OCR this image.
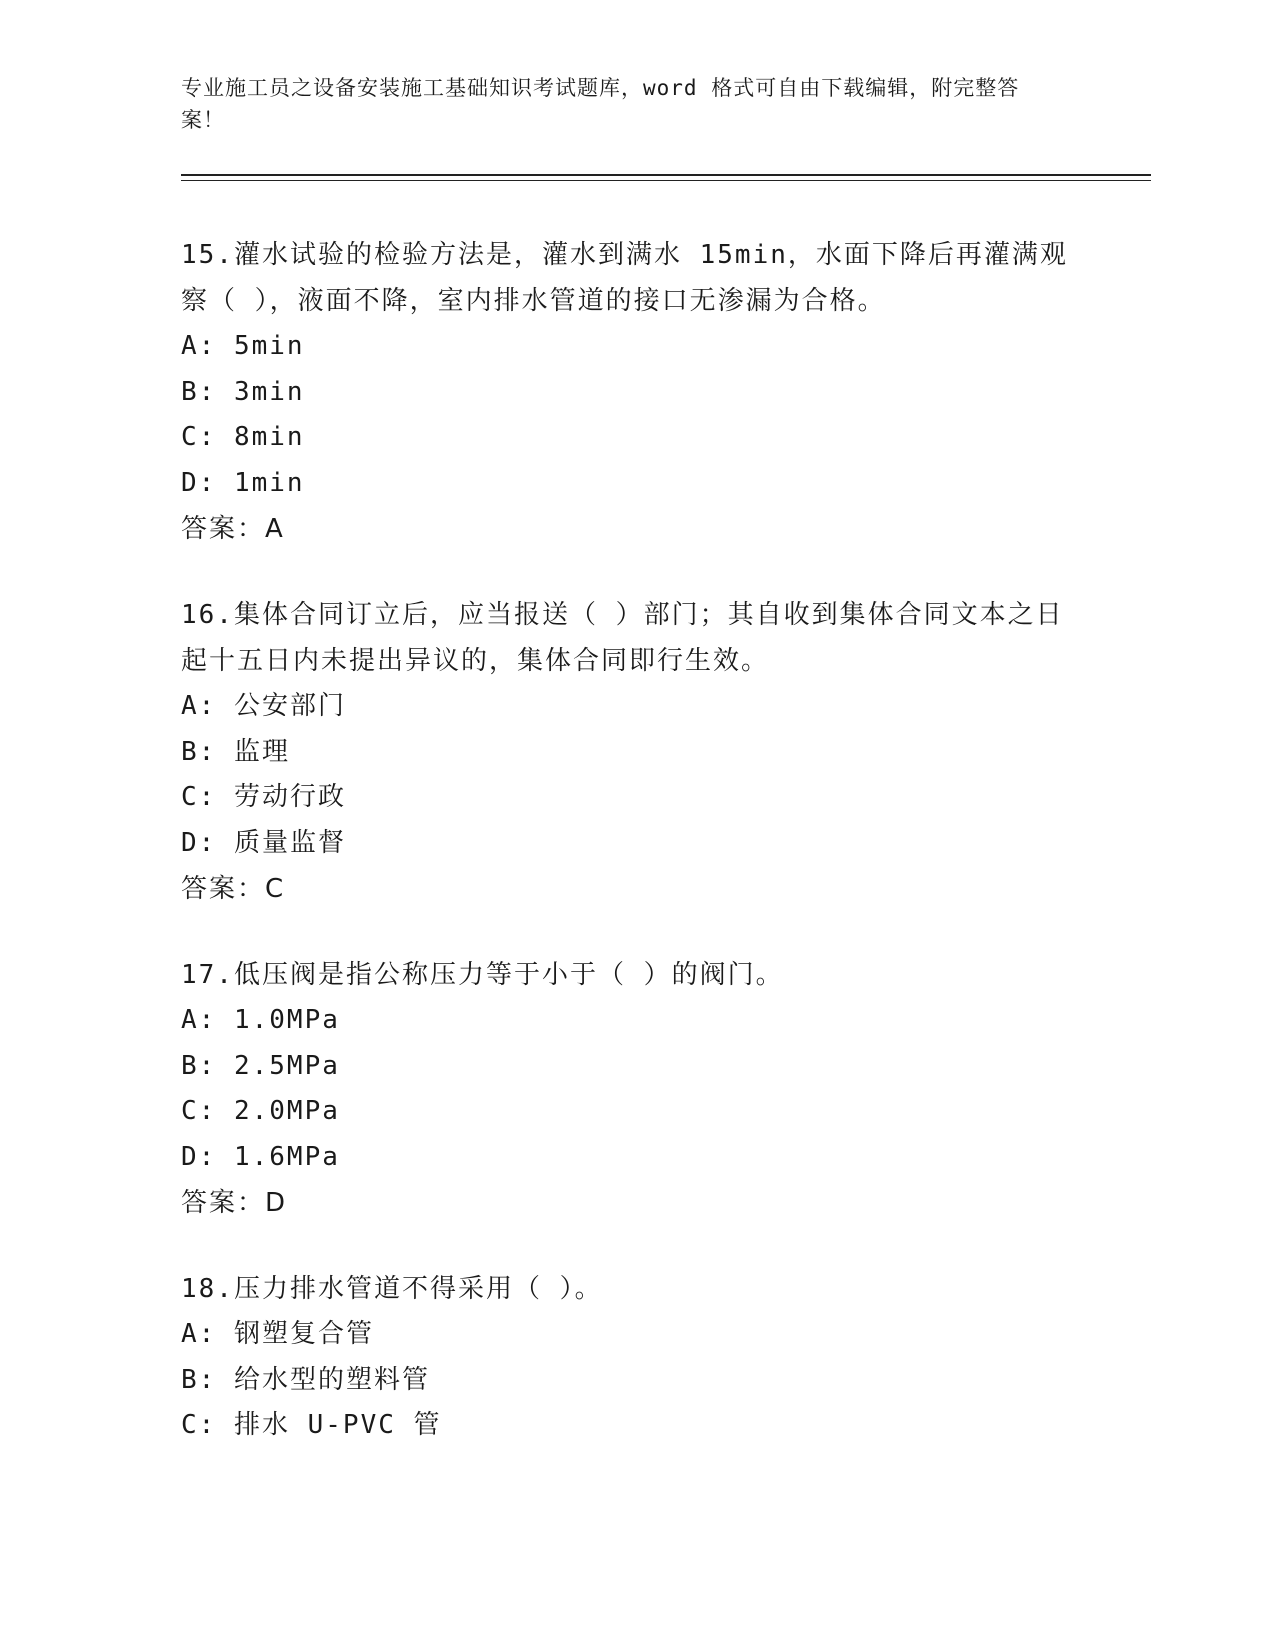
专业施工员之设备安装施工基础知识考试题库，word 格式可自由下载编辑，附完整答案！
15.灌水试验的检验方法是，灌水到满水 15min，水面下降后再灌满观察（ ），液面不降，室内排水管道的接口无渗漏为合格。
A: 5min
B: 3min
C: 8min
D: 1min
答案：A
16.集体合同订立后，应当报送（ ）部门；其自收到集体合同文本之日起十五日内未提出异议的，集体合同即行生效。
A: 公安部门
B: 监理
C: 劳动行政
D: 质量监督
答案：C
17.低压阀是指公称压力等于小于（ ）的阀门。
A: 1.0MPa
B: 2.5MPa
C: 2.0MPa
D: 1.6MPa
答案：D
18.压力排水管道不得采用（ ）。
A: 钢塑复合管
B: 给水型的塑料管
C: 排水 U-PVC 管
